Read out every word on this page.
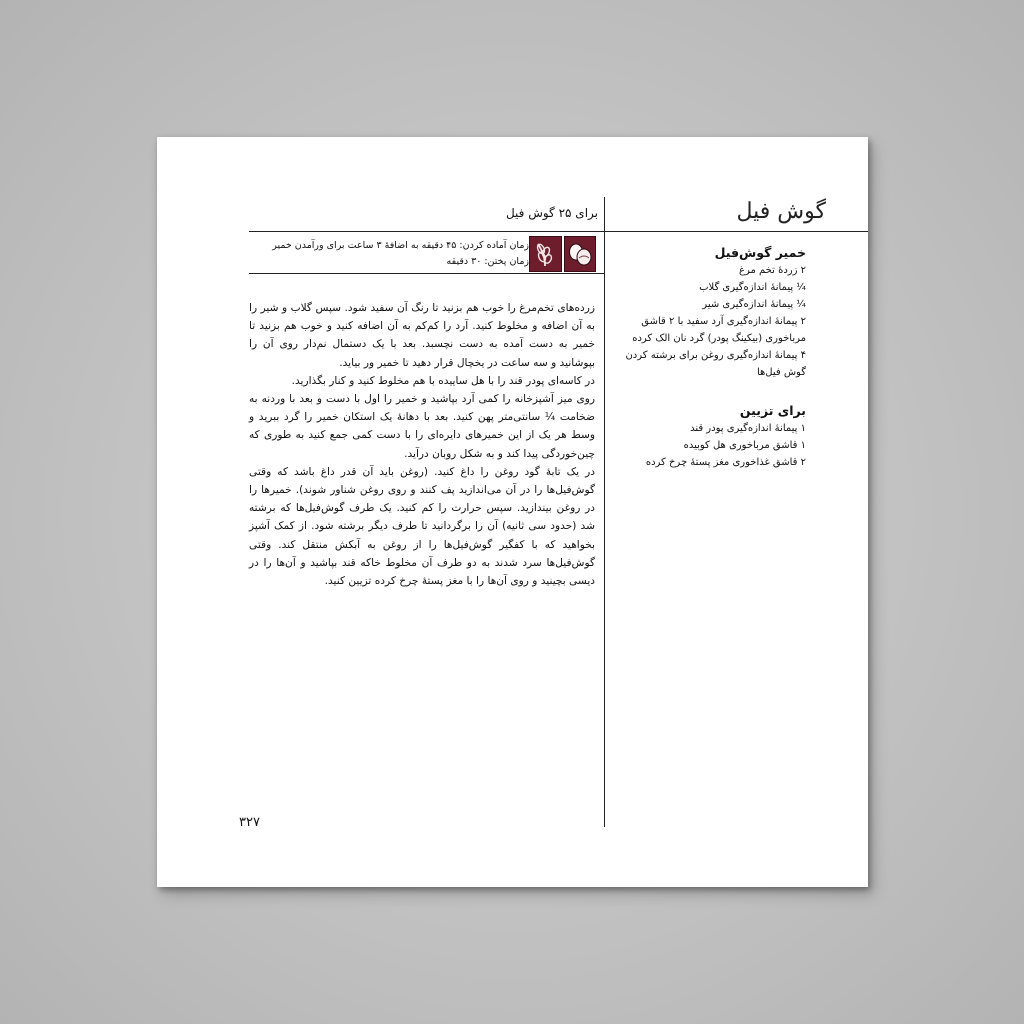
گوش فیل
برای ۲۵ گوش فیل
زمان آماده کردن: ۴۵ دقیقه به اضافهٔ ۳ ساعت برای ورآمدن خمیر
زمان پختن: ۳۰ دقیقه

زرده‌های تخم‌مرغ را خوب هم بزنید تا رنگ آن سفید شود. سپس گلاب و شیر را به آن اضافه و مخلوط کنید. آرد را کم‌کم به آن اضافه کنید و خوب هم بزنید تا خمیر به دست آمده به دست نچسبد. بعد با یک دستمال نم‌دار روی آن را بپوشانید و سه ساعت در یخچال قرار دهید تا خمیر ور بیاید.

در کاسه‌ای پودر قند را با هل ساییده با هم مخلوط کنید و کنار بگذارید.

روی میز آشپزخانه را کمی آرد بپاشید و خمیر را اول با دست و بعد با وردنه به ضخامت ¼ سانتی‌متر پهن کنید. بعد با دهانهٔ یک استکان خمیر را گرد ببرید و وسط هر یک از این خمیرهای دایره‌ای را با دست کمی جمع کنید به طوری که چین‌خوردگی پیدا کند و به شکل روبان درآید.

در یک تابهٔ گود روغن را داغ کنید. (روغن باید آن قدر داغ باشد که وقتی گوش‌فیل‌ها را در آن می‌اندازید پف کنند و روی روغن شناور شوند). خمیرها را در روغن بیندازید. سپس حرارت را کم کنید. یک طرف گوش‌فیل‌ها که برشته شد (حدود سی ثانیه) آن را برگردانید تا طرف دیگر برشته شود. از کمک آشپز بخواهید که با کفگیر گوش‌فیل‌ها را از روغن به آبکش منتقل کند. وقتی گوش‌فیل‌ها سرد شدند به دو طرف آن مخلوط خاکه قند بپاشید و آن‌ها را در دیسی بچینید و روی آن‌ها را با مغز پستهٔ چرخ کرده تزیین کنید.

خمیر گوش‌فیل
۲ زردهٔ تخم مرغ
¼ پیمانهٔ اندازه‌گیری گلاب
¼ پیمانهٔ اندازه‌گیری شیر
۲ پیمانهٔ اندازه‌گیری آرد سفید با ۲ قاشق مرباخوری (بیکینگ پودر) گرد نان الک کرده
۴ پیمانهٔ اندازه‌گیری روغن برای برشته کردن گوش فیل‌ها
برای تزیین
۱ پیمانهٔ اندازه‌گیری پودر قند
۱ قاشق مرباخوری هل کوبیده
۲ قاشق غذاخوری مغز پستهٔ چرخ کرده
۳۲۷
